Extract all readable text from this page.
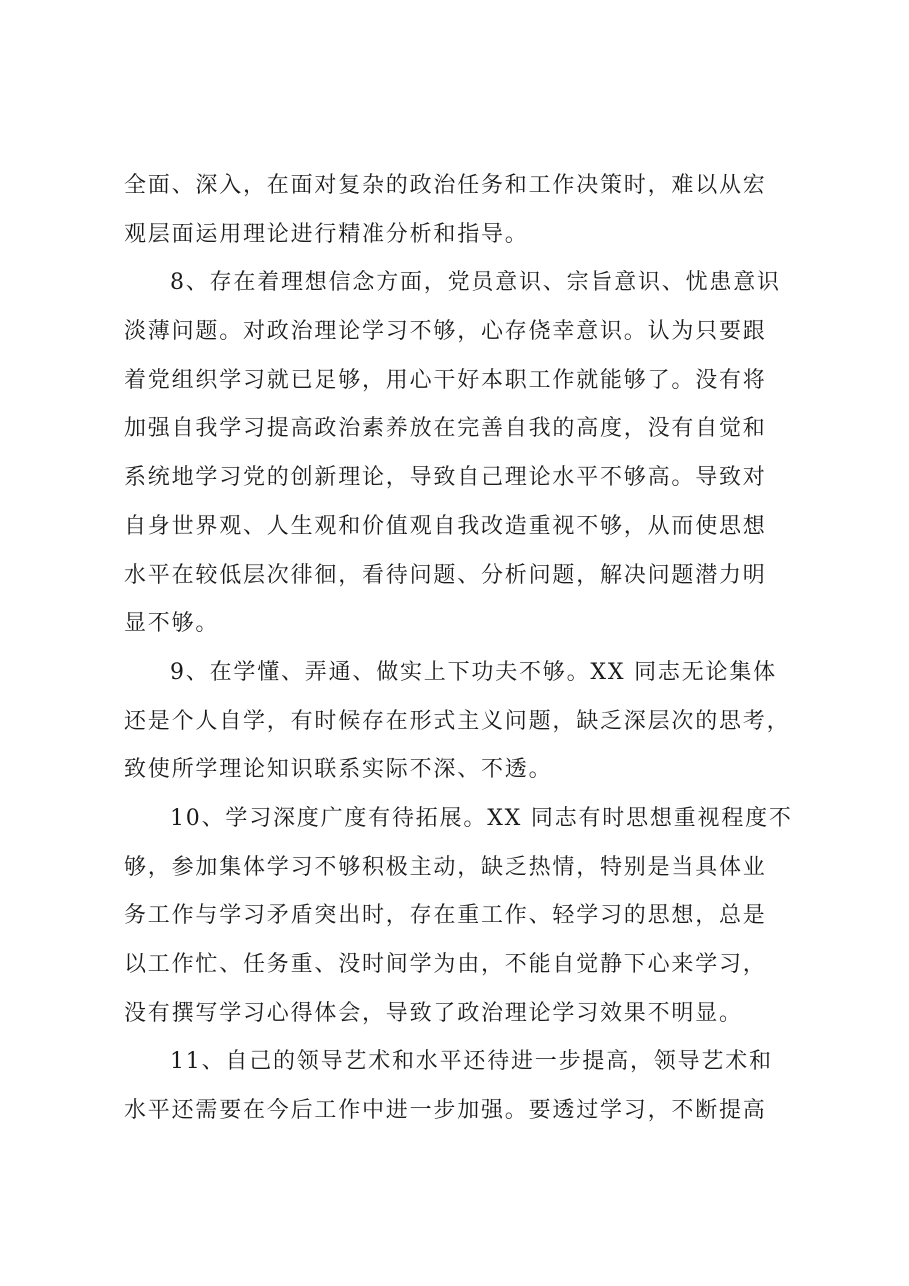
全面、深入，在面对复杂的政治任务和工作决策时，难以从宏
观层面运用理论进行精准分析和指导。
8、存在着理想信念方面，党员意识、宗旨意识、忧患意识
淡薄问题。对政治理论学习不够，心存侥幸意识。认为只要跟
着党组织学习就已足够，用心干好本职工作就能够了。没有将
加强自我学习提高政治素养放在完善自我的高度，没有自觉和
系统地学习党的创新理论，导致自己理论水平不够高。导致对
自身世界观、人生观和价值观自我改造重视不够，从而使思想
水平在较低层次徘徊，看待问题、分析问题，解决问题潜力明
显不够。
9、在学懂、弄通、做实上下功夫不够。XX 同志无论集体
还是个人自学，有时候存在形式主义问题，缺乏深层次的思考，
致使所学理论知识联系实际不深、不透。
10、学习深度广度有待拓展。XX 同志有时思想重视程度不
够，参加集体学习不够积极主动，缺乏热情，特别是当具体业
务工作与学习矛盾突出时，存在重工作、轻学习的思想，总是
以工作忙、任务重、没时间学为由，不能自觉静下心来学习，
没有撰写学习心得体会，导致了政治理论学习效果不明显。
11、自己的领导艺术和水平还待进一步提高，领导艺术和
水平还需要在今后工作中进一步加强。要透过学习，不断提高
